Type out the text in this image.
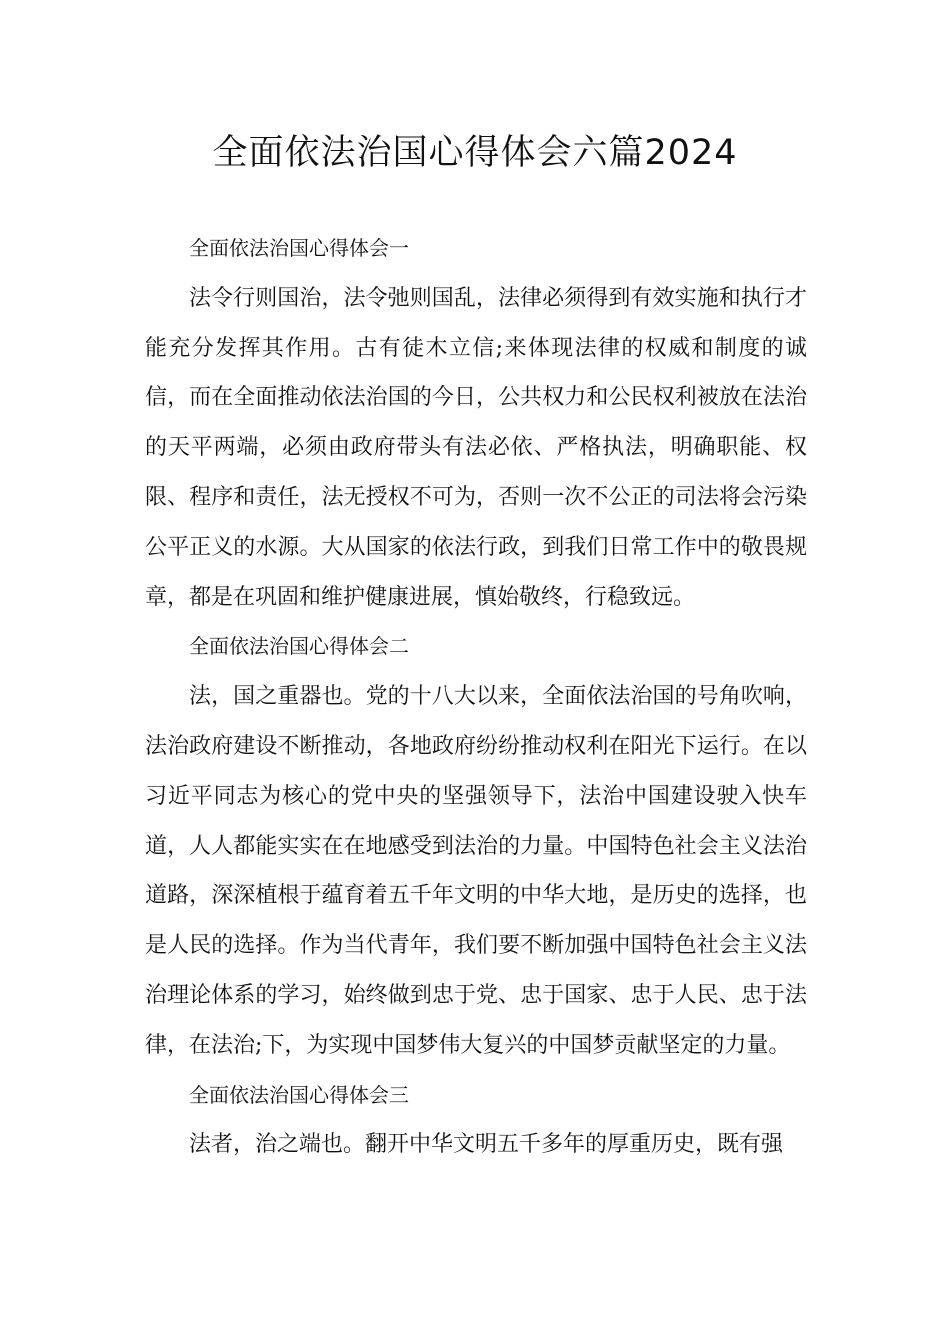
全面依法治国心得体会六篇2024

全面依法治国心得体会一

法令行则国治，法令弛则国乱，法律必须得到有效实施和执行才能充分发挥其作用。古有徒木立信;来体现法律的权威和制度的诚信，而在全面推动依法治国的今日，公共权力和公民权利被放在法治的天平两端，必须由政府带头有法必依、严格执法，明确职能、权限、程序和责任，法无授权不可为，否则一次不公正的司法将会污染公平正义的水源。大从国家的依法行政，到我们日常工作中的敬畏规章，都是在巩固和维护健康进展，慎始敬终，行稳致远。

全面依法治国心得体会二

法，国之重器也。党的十八大以来，全面依法治国的号角吹响，法治政府建设不断推动，各地政府纷纷推动权利在阳光下运行。在以习近平同志为核心的党中央的坚强领导下，法治中国建设驶入快车道，人人都能实实在在地感受到法治的力量。中国特色社会主义法治道路，深深植根于蕴育着五千年文明的中华大地，是历史的选择，也是人民的选择。作为当代青年，我们要不断加强中国特色社会主义法治理论体系的学习，始终做到忠于党、忠于国家、忠于人民、忠于法律，在法治;下，为实现中国梦伟大复兴的中国梦贡献坚定的力量。

全面依法治国心得体会三

法者，治之端也。翻开中华文明五千多年的厚重历史，既有强
